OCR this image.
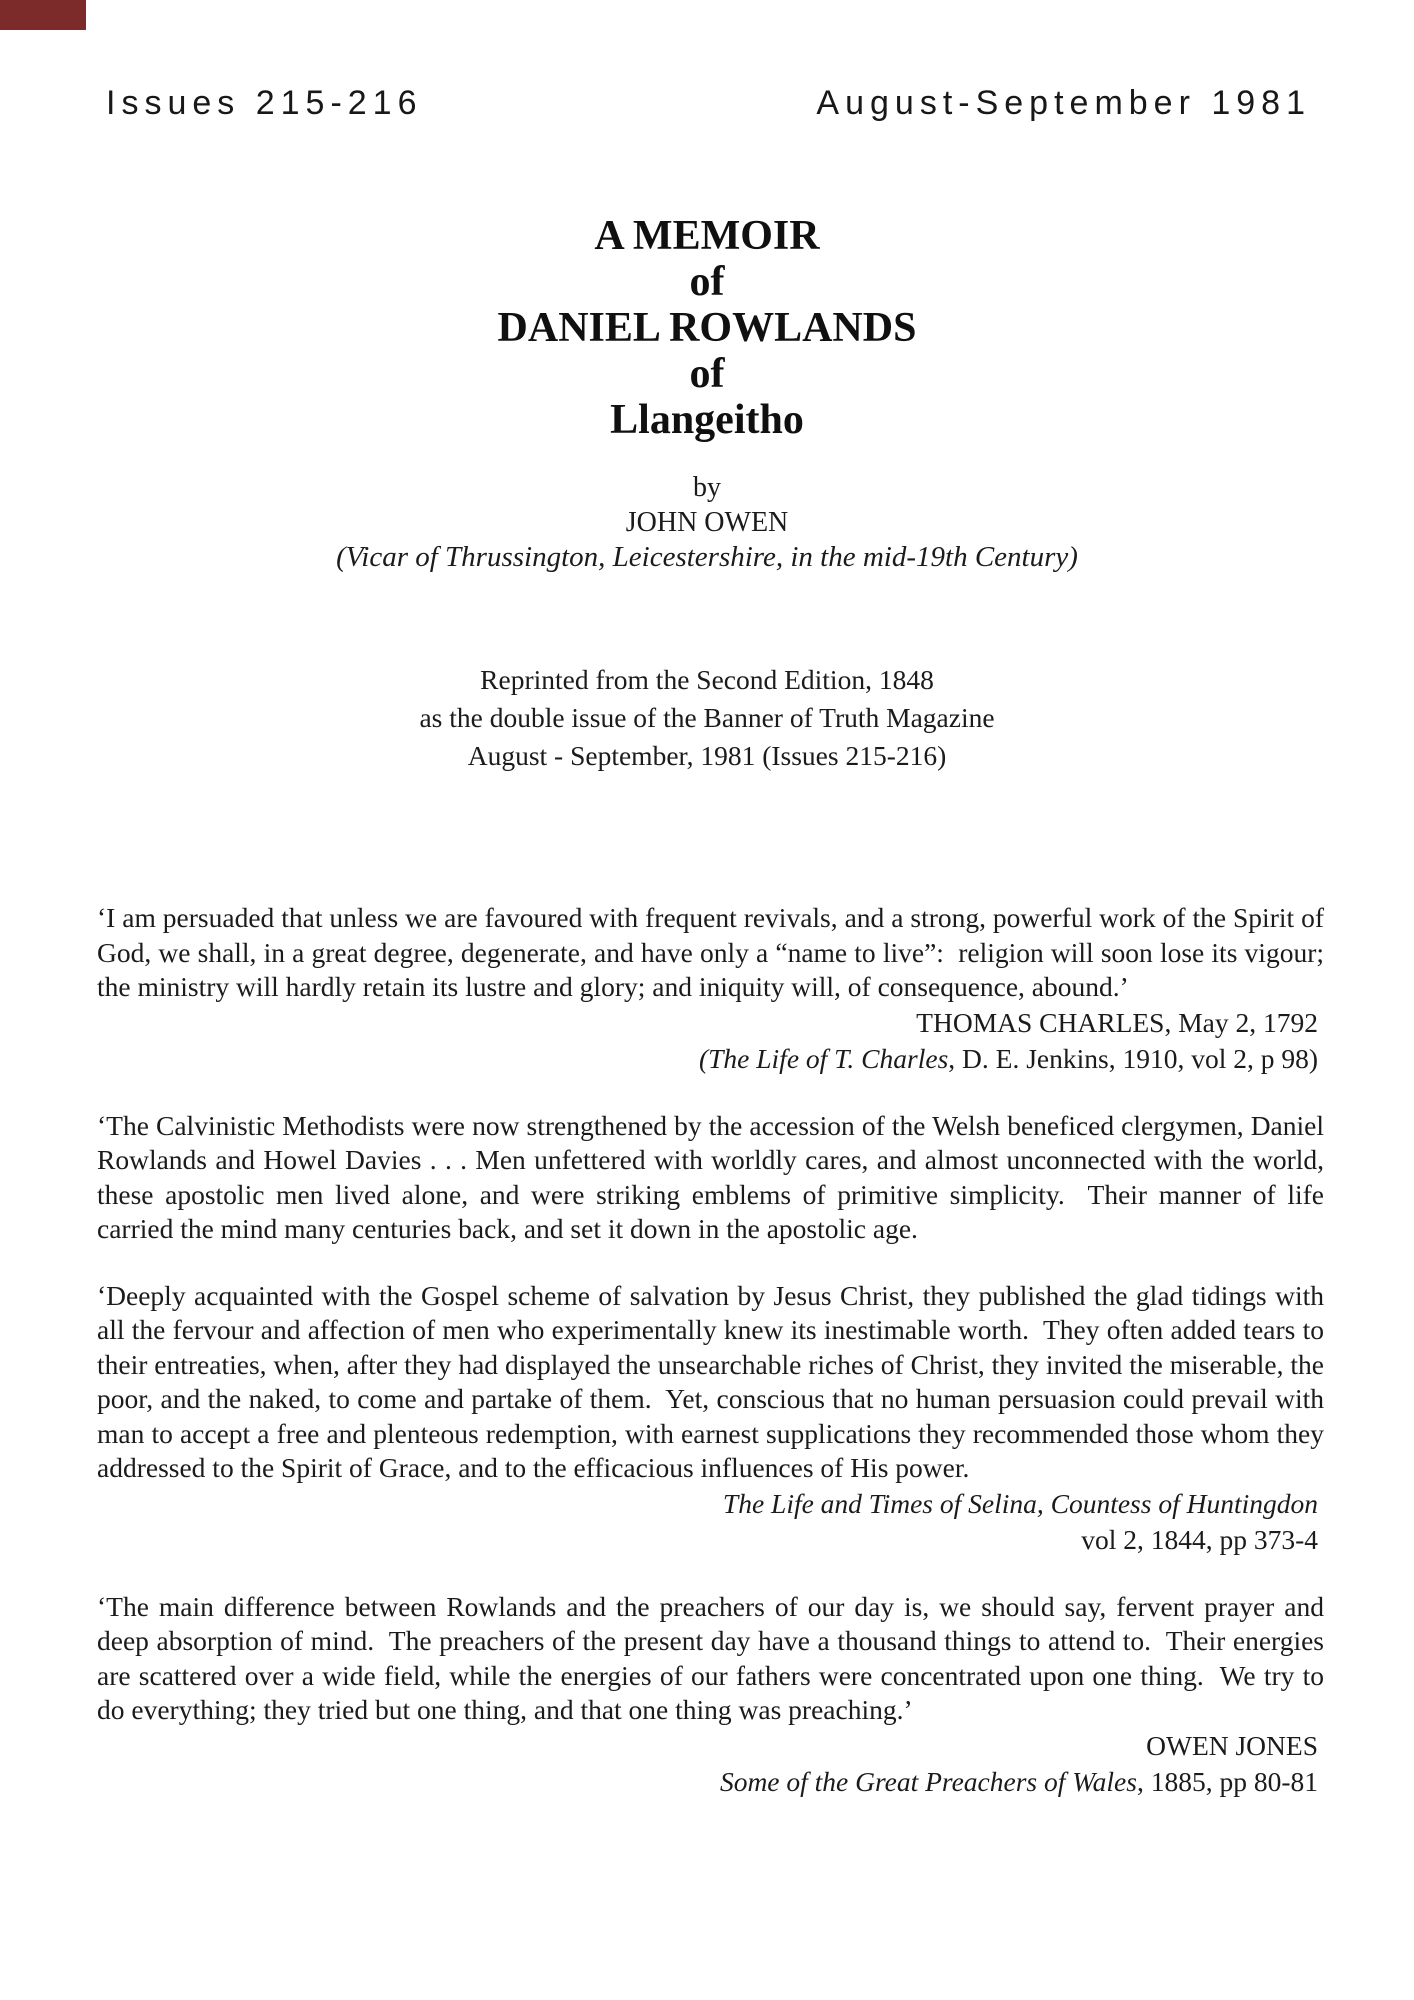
Issues 215-216	August-September 1981
A MEMOIR
of
DANIEL ROWLANDS
of
Llangeitho
by
JOHN OWEN
(Vicar of Thrussington, Leicestershire, in the mid-19th Century)
Reprinted from the Second Edition, 1848
as the double issue of the Banner of Truth Magazine
August - September, 1981 (Issues 215-216)

‘I am persuaded that unless we are favoured with frequent revivals, and a strong, powerful work of the Spirit of God, we shall, in a great degree, degenerate, and have only a “name to live”:  religion will soon lose its vigour; the ministry will hardly retain its lustre and glory; and iniquity will, of consequence, abound.’

THOMAS CHARLES, May 2, 1792
(The Life of T. Charles, D. E. Jenkins, 1910, vol 2, p 98)

‘The Calvinistic Methodists were now strengthened by the accession of the Welsh beneficed clergymen, Daniel Rowlands and Howel Davies . . . Men unfettered with worldly cares, and almost unconnected with the world, these apostolic men lived alone, and were striking emblems of primitive simplicity.  Their manner of life carried the mind many centuries back, and set it down in the apostolic age.

‘Deeply acquainted with the Gospel scheme of salvation by Jesus Christ, they published the glad tidings with all the fervour and affection of men who experimentally knew its inestimable worth.  They often added tears to their entreaties, when, after they had displayed the unsearchable riches of Christ, they invited the miserable, the poor, and the naked, to come and partake of them.  Yet, conscious that no human persuasion could prevail with man to accept a free and plenteous redemption, with earnest supplications they recommended those whom they addressed to the Spirit of Grace, and to the efficacious influences of His power.

The Life and Times of Selina, Countess of Huntingdon
vol 2, 1844, pp 373-4

‘The main difference between Rowlands and the preachers of our day is, we should say, fervent prayer and deep absorption of mind.  The preachers of the present day have a thousand things to attend to.  Their energies are scattered over a wide field, while the energies of our fathers were concentrated upon one thing.  We try to do everything; they tried but one thing, and that one thing was preaching.’

OWEN JONES
Some of the Great Preachers of Wales, 1885, pp 80-81
